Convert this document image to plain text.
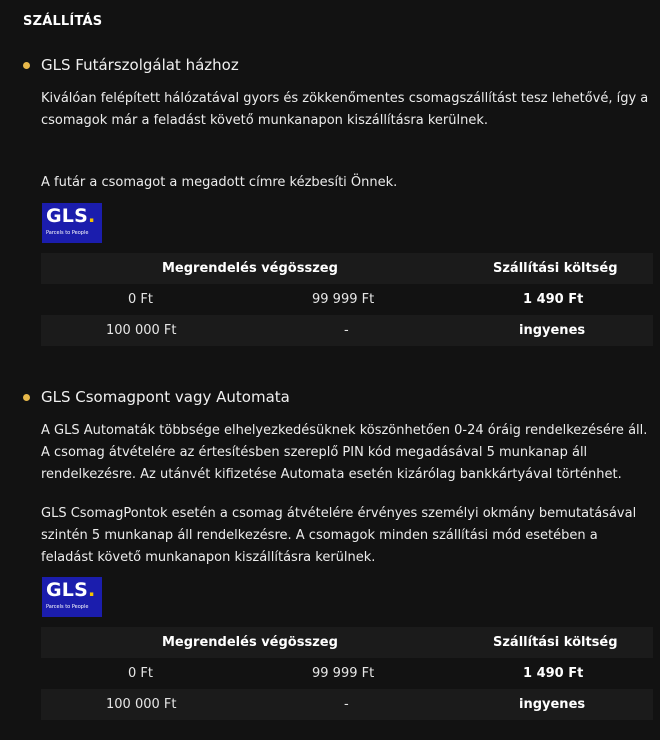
SZÁLLÍTÁS
GLS Futárszolgálat házhoz
Kiválóan felépített hálózatával gyors és zökkenőmentes csomagszállítást tesz lehetővé, így a csomagok már a feladást követő munkanapon kiszállításra kerülnek.
A futár a csomagot a megadott címre kézbesíti Önnek.
GLS.
Parcels to People
Megrendelés végösszeg	Szállítási költség
0 Ft	99 999 Ft	1 490 Ft
100 000 Ft	-	ingyenes
GLS Csomagpont vagy Automata
A GLS Automaták többsége elhelyezkedésüknek köszönhetően 0-24 óráig rendelkezésére áll. A csomag átvételére az értesítésben szereplő PIN kód megadásával 5 munkanap áll rendelkezésre. Az utánvét kifizetése Automata esetén kizárólag bankkártyával történhet.
GLS CsomagPontok esetén a csomag átvételére érvényes személyi okmány bemutatásával szintén 5 munkanap áll rendelkezésre. A csomagok minden szállítási mód esetében a feladást követő munkanapon kiszállításra kerülnek.
GLS.
Parcels to People
Megrendelés végösszeg	Szállítási költség
0 Ft	99 999 Ft	1 490 Ft
100 000 Ft	-	ingyenes
